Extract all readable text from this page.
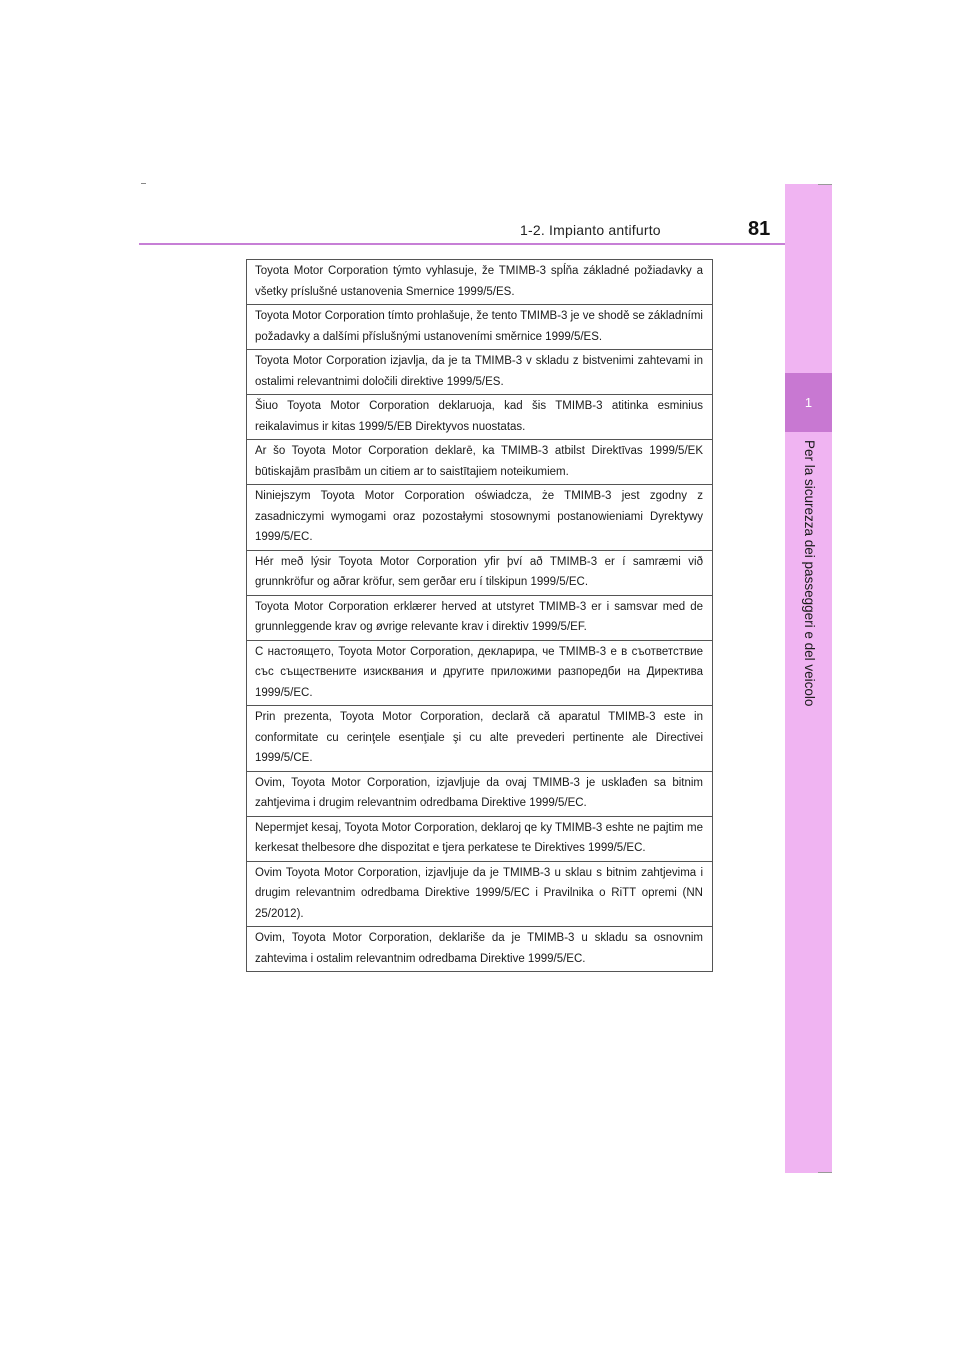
1-2. Impianto antifurto	81
1
Per la sicurezza dei passeggeri e del veicolo
Toyota Motor Corporation týmto vyhlasuje, že TMIMB-3 spĺňa základné požiadavky a všetky príslušné ustanovenia Smernice 1999/5/ES.
Toyota Motor Corporation tímto prohlašuje, že tento TMIMB-3 je ve shodě se základními požadavky a dalšími příslušnými ustanoveními směrnice 1999/5/ES.
Toyota Motor Corporation izjavlja, da je ta TMIMB-3 v skladu z bistvenimi zahtevami in ostalimi relevantnimi določili direktive 1999/5/ES.
Šiuo Toyota Motor Corporation deklaruoja, kad šis TMIMB-3 atitinka esminius reikalavimus ir kitas 1999/5/EB Direktyvos nuostatas.
Ar šo Toyota Motor Corporation deklarē, ka TMIMB-3 atbilst Direktīvas 1999/5/EK būtiskajām prasībām un citiem ar to saistītajiem noteikumiem.
Niniejszym Toyota Motor Corporation oświadcza, że TMIMB-3 jest zgodny z zasadniczymi wymogami oraz pozostałymi stosownymi postanowieniami Dyrektywy 1999/5/EC.
Hér með lýsir Toyota Motor Corporation yfir því að TMIMB-3 er í samræmi við grunnkröfur og aðrar kröfur, sem gerðar eru í tilskipun 1999/5/EC.
Toyota Motor Corporation erklærer herved at utstyret TMIMB-3 er i samsvar med de grunnleggende krav og øvrige relevante krav i direktiv 1999/5/EF.
С настоящето, Toyota Motor Corporation, декларира, че TMIMB-3 е в съответствие със съществените изисквания и другите приложими разпоредби на Директива 1999/5/EC.
Prin prezenta, Toyota Motor Corporation, declară că aparatul TMIMB-3 este in conformitate cu cerinţele esenţiale şi cu alte prevederi pertinente ale Directivei 1999/5/CE.
Ovim, Toyota Motor Corporation, izjavljuje da ovaj TMIMB-3 je usklađen sa bitnim zahtjevima i drugim relevantnim odredbama Direktive 1999/5/EC.
Nepermjet kesaj, Toyota Motor Corporation, deklaroj qe ky TMIMB-3 eshte ne pajtim me kerkesat thelbesore dhe dispozitat e tjera perkatese te Direktives 1999/5/EC.
Ovim Toyota Motor Corporation, izjavljuje da je TMIMB-3 u sklau s bitnim zahtjevima i drugim relevantnim odredbama Direktive 1999/5/EC i Pravilnika o RiTT opremi (NN 25/2012).
Ovim, Toyota Motor Corporation, deklariše da je TMIMB-3 u skladu sa osnovnim zahtevima i ostalim relevantnim odredbama Direktive 1999/5/EC.
